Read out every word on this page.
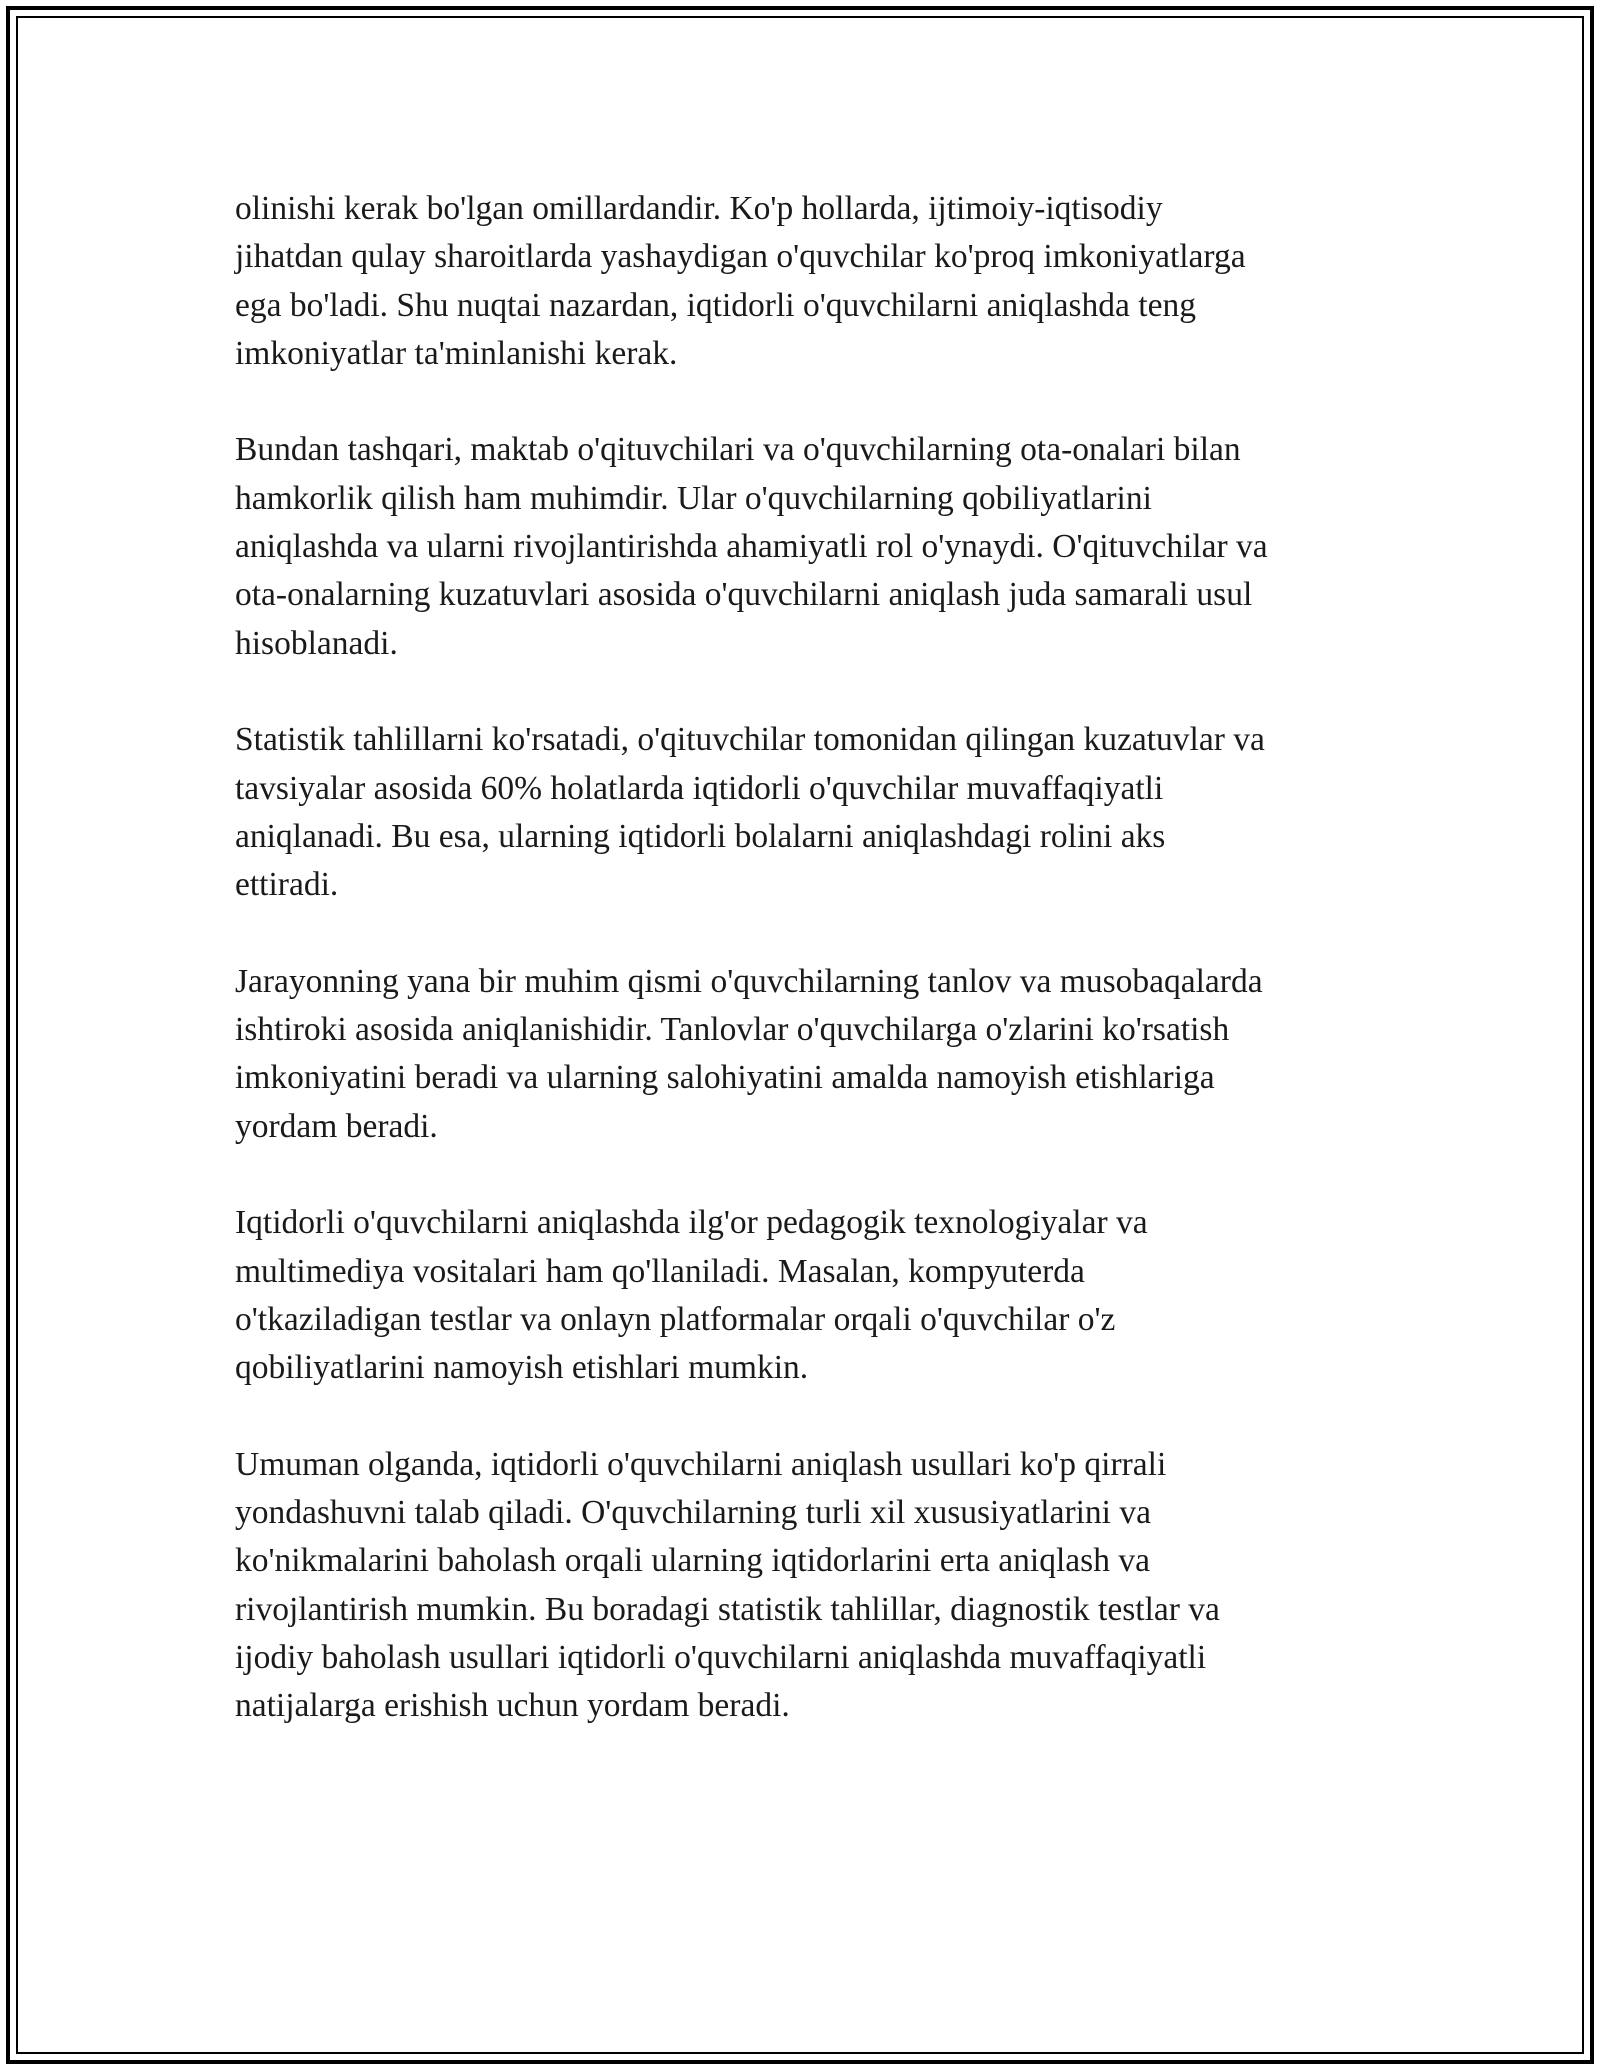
olinishi kerak bo'lgan omillardandir. Ko'p hollarda, ijtimoiy-iqtisodiy
jihatdan qulay sharoitlarda yashaydigan o'quvchilar ko'proq imkoniyatlarga
ega bo'ladi. Shu nuqtai nazardan, iqtidorli o'quvchilarni aniqlashda teng
imkoniyatlar ta'minlanishi kerak.

Bundan tashqari, maktab o'qituvchilari va o'quvchilarning ota-onalari bilan
hamkorlik qilish ham muhimdir. Ular o'quvchilarning qobiliyatlarini
aniqlashda va ularni rivojlantirishda ahamiyatli rol o'ynaydi. O'qituvchilar va
ota-onalarning kuzatuvlari asosida o'quvchilarni aniqlash juda samarali usul
hisoblanadi.

Statistik tahlillarni ko'rsatadi, o'qituvchilar tomonidan qilingan kuzatuvlar va
tavsiyalar asosida 60% holatlarda iqtidorli o'quvchilar muvaffaqiyatli
aniqlanadi. Bu esa, ularning iqtidorli bolalarni aniqlashdagi rolini aks
ettiradi.

Jarayonning yana bir muhim qismi o'quvchilarning tanlov va musobaqalarda
ishtiroki asosida aniqlanishidir. Tanlovlar o'quvchilarga o'zlarini ko'rsatish
imkoniyatini beradi va ularning salohiyatini amalda namoyish etishlariga
yordam beradi.

Iqtidorli o'quvchilarni aniqlashda ilg'or pedagogik texnologiyalar va
multimediya vositalari ham qo'llaniladi. Masalan, kompyuterda
o'tkaziladigan testlar va onlayn platformalar orqali o'quvchilar o'z
qobiliyatlarini namoyish etishlari mumkin.

Umuman olganda, iqtidorli o'quvchilarni aniqlash usullari ko'p qirrali
yondashuvni talab qiladi. O'quvchilarning turli xil xususiyatlarini va
ko'nikmalarini baholash orqali ularning iqtidorlarini erta aniqlash va
rivojlantirish mumkin. Bu boradagi statistik tahlillar, diagnostik testlar va
ijodiy baholash usullari iqtidorli o'quvchilarni aniqlashda muvaffaqiyatli
natijalarga erishish uchun yordam beradi.
